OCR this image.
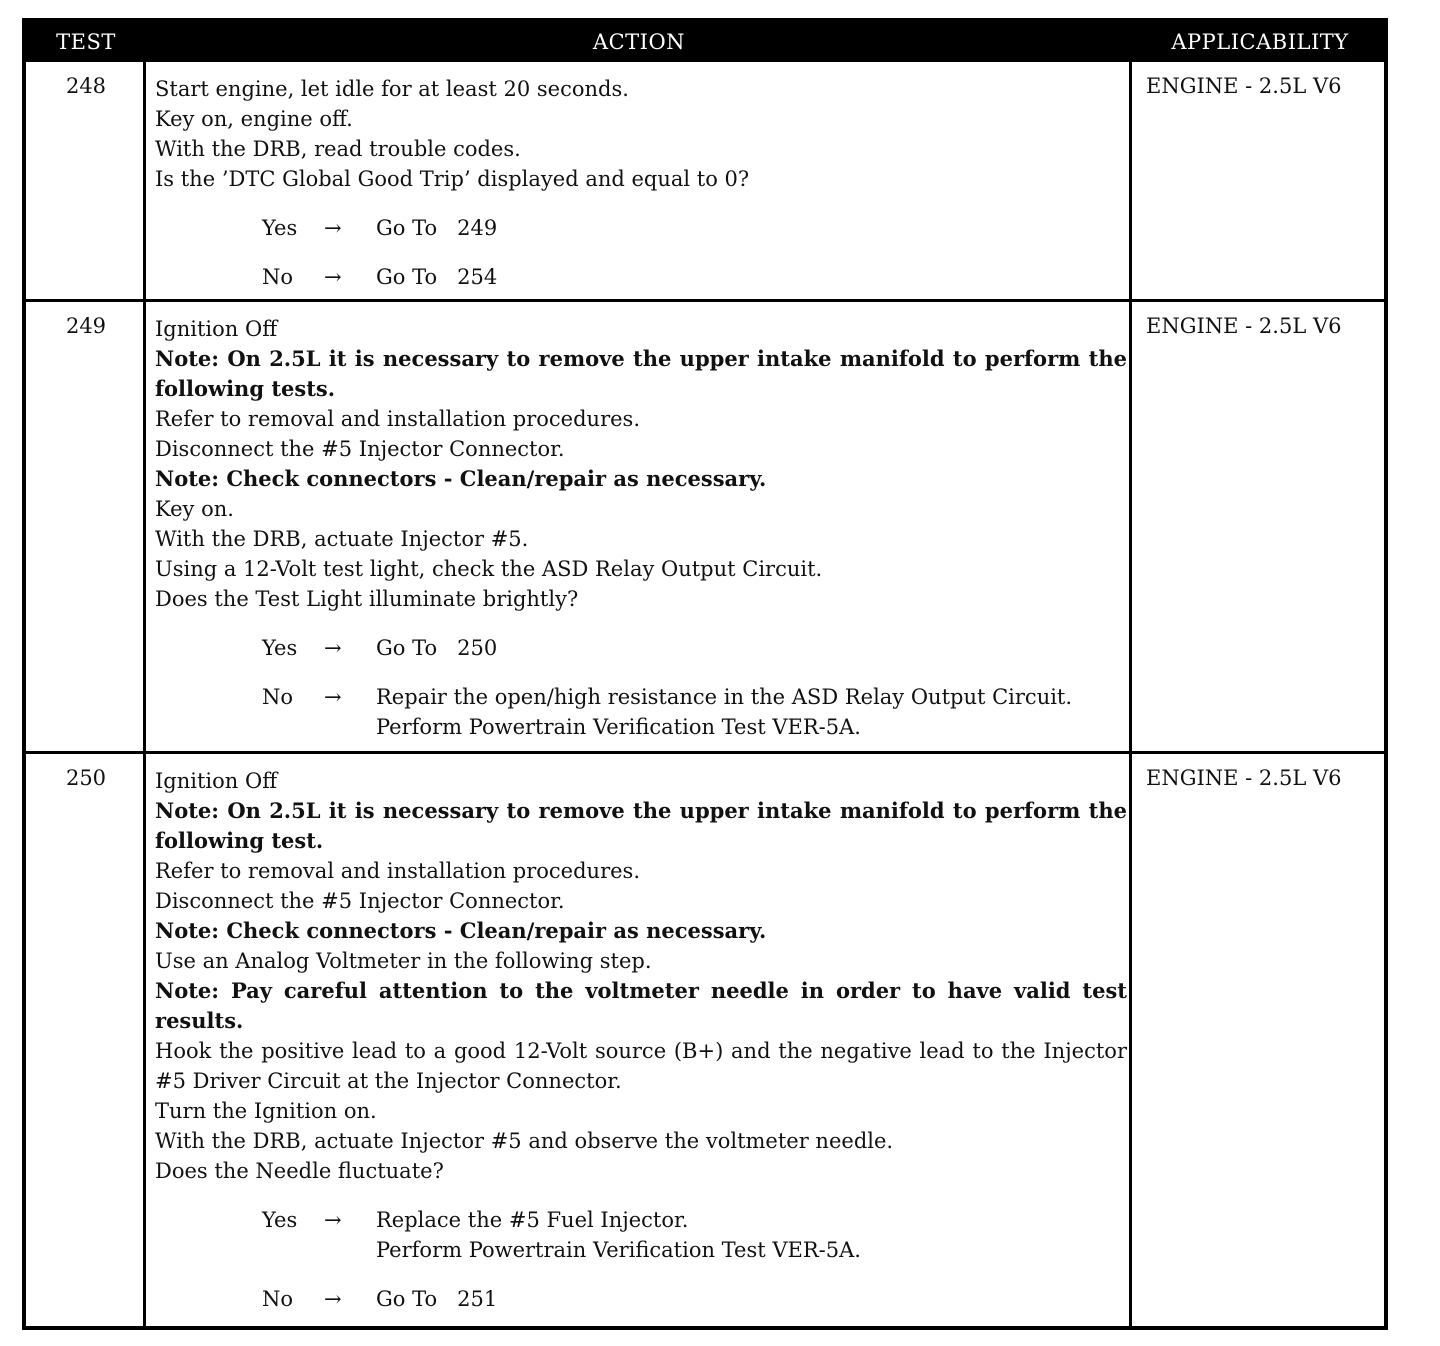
TEST	ACTION	APPLICABILITY
248	Start engine, let idle for at least 20 seconds.
Key on, engine off.
With the DRB, read trouble codes.
Is the ’DTC Global Good Trip’ displayed and equal to 0?
Yes	→	Go To   249
No	→	Go To   254
ENGINE - 2.5L V6
249	Ignition Off
Note: On 2.5L it is necessary to remove the upper intake manifold to perform the following tests.
Refer to removal and installation procedures.
Disconnect the #5 Injector Connector.
Note: Check connectors - Clean/repair as necessary.
Key on.
With the DRB, actuate Injector #5.
Using a 12-Volt test light, check the ASD Relay Output Circuit.
Does the Test Light illuminate brightly?
Yes	→	Go To   250
No	→	Repair the open/high resistance in the ASD Relay Output Circuit.
Perform Powertrain Verification Test VER-5A.
ENGINE - 2.5L V6
250	Ignition Off
Note: On 2.5L it is necessary to remove the upper intake manifold to perform the following test.
Refer to removal and installation procedures.
Disconnect the #5 Injector Connector.
Note: Check connectors - Clean/repair as necessary.
Use an Analog Voltmeter in the following step.
Note: Pay careful attention to the voltmeter needle in order to have valid test results.
Hook the positive lead to a good 12-Volt source (B+) and the negative lead to the Injector #5 Driver Circuit at the Injector Connector.
Turn the Ignition on.
With the DRB, actuate Injector #5 and observe the voltmeter needle.
Does the Needle fluctuate?
Yes	→	Replace the #5 Fuel Injector.
Perform Powertrain Verification Test VER-5A.
No	→	Go To   251
ENGINE - 2.5L V6
